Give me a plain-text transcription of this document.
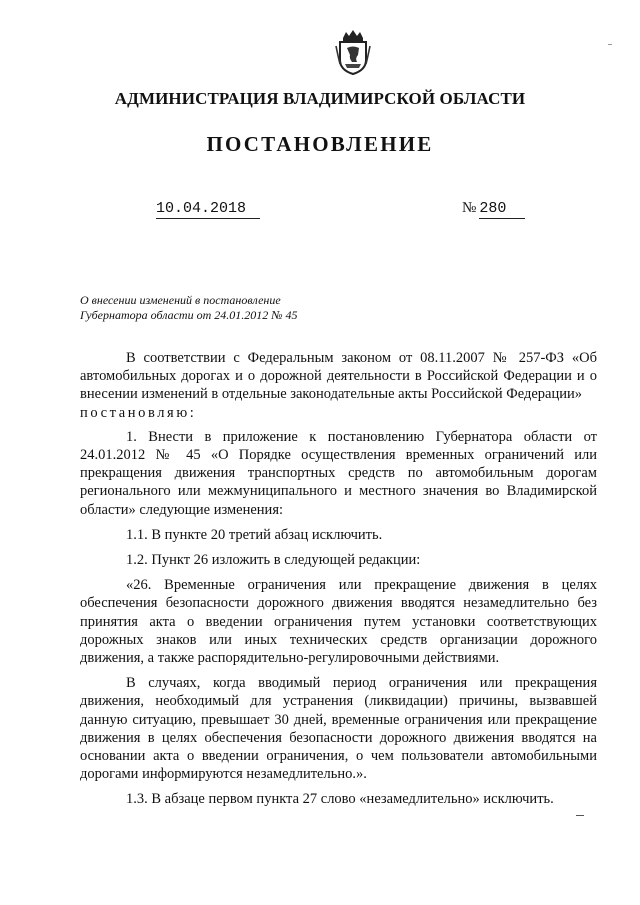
АДМИНИСТРАЦИЯ ВЛАДИМИРСКОЙ ОБЛАСТИ
ПОСТАНОВЛЕНИЕ
10.04.2018	№ 280
О внесении изменений в постановление
Губернатора области от 24.01.2012 № 45

В соответствии с Федеральным законом от 08.11.2007 № 257-ФЗ «Об автомобильных дорогах и о дорожной деятельности в Российской Федерации и о внесении изменений в отдельные законодательные акты Российской Федерации»
постановляю:

1. Внести в приложение к постановлению Губернатора области от 24.01.2012 № 45 «О Порядке осуществления временных ограничений или прекращения движения транспортных средств по автомобильным дорогам регионального или межмуниципального и местного значения во Владимирской области» следующие изменения:

1.1. В пункте 20 третий абзац исключить.

1.2. Пункт 26 изложить в следующей редакции:

«26. Временные ограничения или прекращение движения в целях обеспечения безопасности дорожного движения вводятся незамедлительно без принятия акта о введении ограничения путем установки соответствующих дорожных знаков или иных технических средств организации дорожного движения, а также распорядительно-регулировочными действиями.

В случаях, когда вводимый период ограничения или прекращения движения, необходимый для устранения (ликвидации) причины, вызвавшей данную ситуацию, превышает 30 дней, временные ограничения или прекращение движения в целях обеспечения безопасности дорожного движения вводятся на основании акта о введении ограничения, о чем пользователи автомобильными дорогами информируются незамедлительно.».

1.3. В абзаце первом пункта 27 слово «незамедлительно» исключить.
